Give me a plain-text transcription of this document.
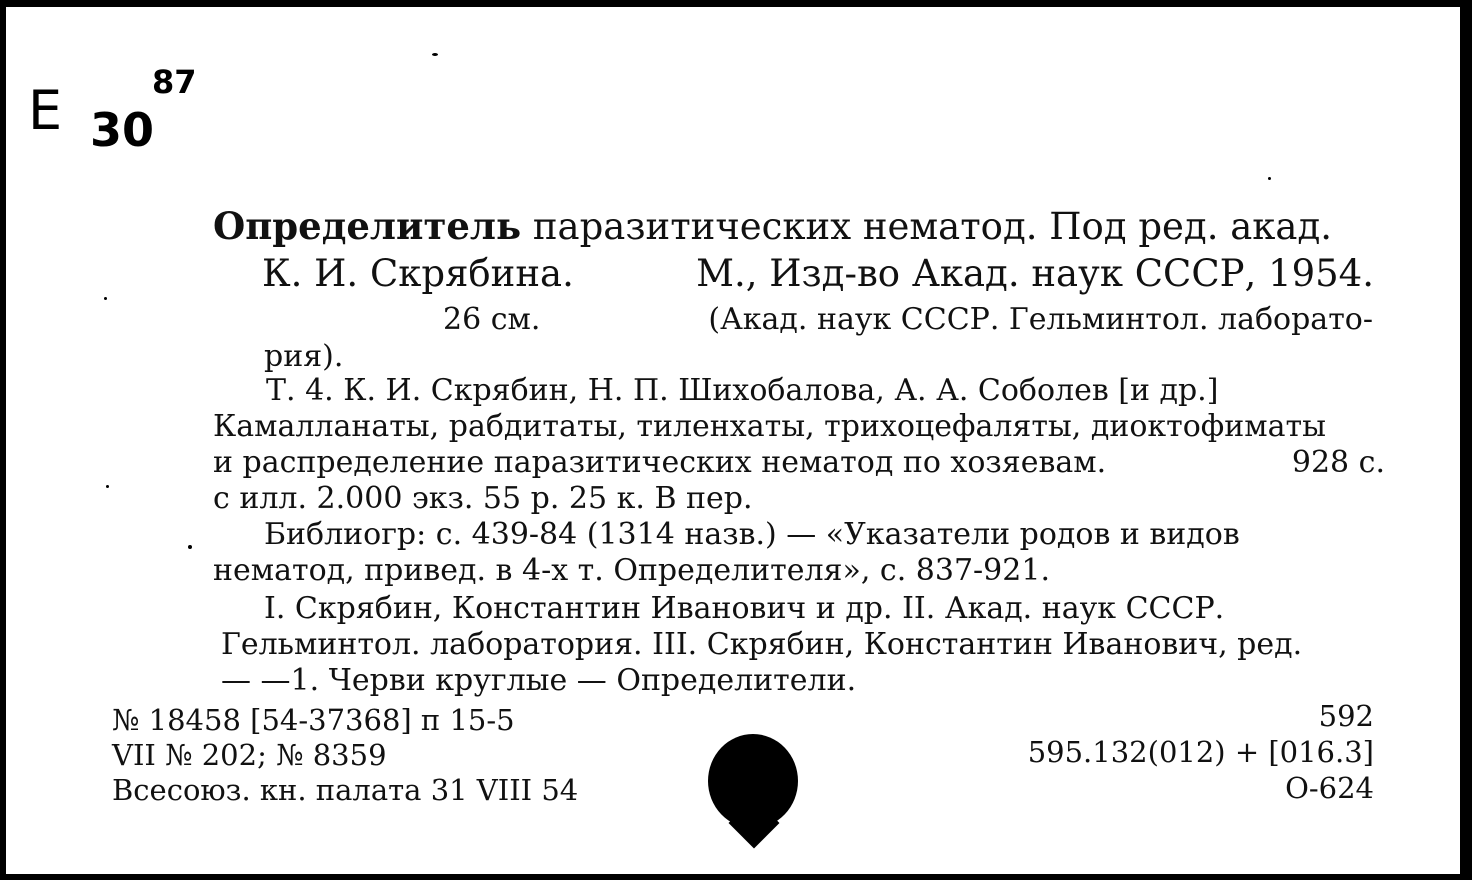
Е 30
87
Определитель паразитических нематод. Под ред. акад.
К. И. Скрябина.	М., Изд-во Акад. наук СССР, 1954.
26 см.	(Акад. наук СССР. Гельминтол. лаборато-
рия).
Т. 4. К. И. Скрябин, Н. П. Шихобалова, А. А. Соболев [и др.]
Камалланаты, рабдитаты, тиленхаты, трихоцефаляты, диоктофиматы
и распределение паразитических нематод по хозяевам.	928 с.
с илл. 2.000 экз. 55 р. 25 к. В пер.
Библиогр: с. 439-84 (1314 назв.) — «Указатели родов и видов
нематод, привед. в 4-х т. Определителя», с. 837-921.
I. Скрябин, Константин Иванович и др. II. Акад. наук СССР.
Гельминтол. лаборатория. III. Скрябин, Константин Иванович, ред.
— —1. Черви круглые — Определители.
№ 18458 [54-37368] п 15-5
VII № 202; № 8359
Всесоюз. кн. палата 31 VIII 54
592
595.132(012) + [016.3]
О-624
